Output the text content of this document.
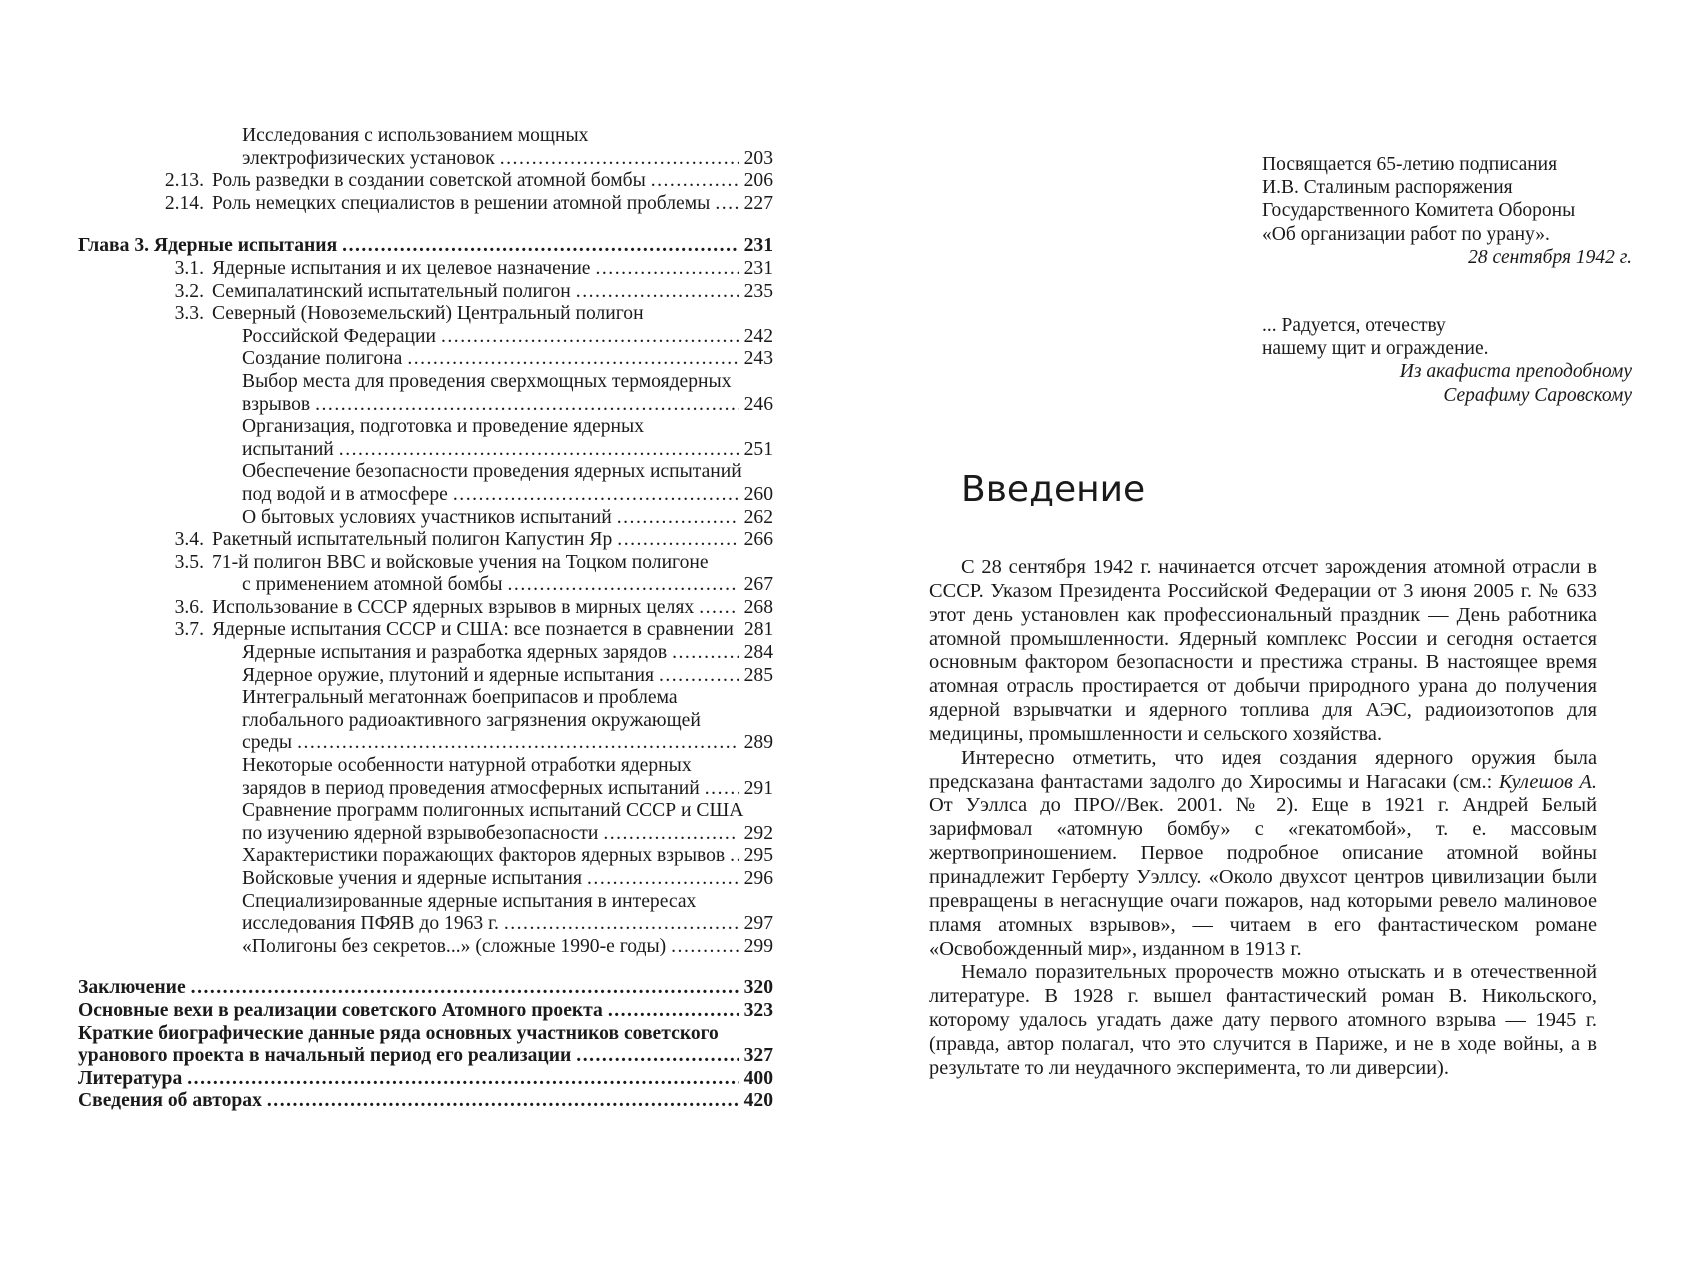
Исследования с использованием мощных
электрофизических установок .....	203
2.13. Роль разведки в создании советской атомной бомбы .....	206
2.14. Роль немецких специалистов в решении атомной проблемы ..... 227
Глава 3. Ядерные испытания .....	231
3.1. Ядерные испытания и их целевое назначение .....	231
3.2. Семипалатинский испытательный полигон .....	235
3.3. Северный (Новоземельский) Центральный полигон
Российской Федерации .....	242
Создание полигона .....	243
Выбор места для проведения сверхмощных термоядерных
взрывов .....	246
Организация, подготовка и проведение ядерных
испытаний .....	251
Обеспечение безопасности проведения ядерных испытаний
под водой и в атмосфере .....	260
О бытовых условиях участников испытаний .....	262
3.4. Ракетный испытательный полигон Капустин Яр .....	266
3.5. 71-й полигон ВВС и войсковые учения на Тоцком полигоне
с применением атомной бомбы .....	267
3.6. Использование в СССР ядерных взрывов в мирных целях .....	268
3.7. Ядерные испытания СССР и США: все познается в сравнении 281
Ядерные испытания и разработка ядерных зарядов .....	284
Ядерное оружие, плутоний и ядерные испытания .....	285
Интегральный мегатоннаж боеприпасов и проблема
глобального радиоактивного загрязнения окружающей
среды .....	289
Некоторые особенности натурной отработки ядерных
зарядов в период проведения атмосферных испытаний ..... 291
Сравнение программ полигонных испытаний СССР и США
по изучению ядерной взрывобезопасности .....	292
Характеристики поражающих факторов ядерных взрывов ..... 295
Войсковые учения и ядерные испытания .....	296
Специализированные ядерные испытания в интересах
исследования ПФЯВ до 1963 г. .....	297
«Полигоны без секретов...» (сложные 1990-е годы) .....	299
Заключение .....	320
Основные вехи в реализации советского Атомного проекта .....	323
Краткие биографические данные ряда основных участников советского
уранового проекта в начальный период его реализации .....	327
Литература .....	400
Сведения об авторах .....	420
Посвящается 65-летию подписания
И.В. Сталиным распоряжения
Государственного Комитета Обороны
«Об организации работ по урану».
28 сентября 1942 г.
... Радуется, отечеству
нашему щит и ограждение.
Из акафиста преподобному
Серафиму Саровскому
Введение

С 28 сентября 1942 г. начинается отсчет зарождения атомной отрасли в СССР. Указом Президента Российской Федерации от 3 июня 2005 г. № 633 этот день установлен как профессиональный праздник — День работника атомной промышленности. Ядерный комплекс России и сегодня остается основным фактором безопасности и престижа страны. В настоящее время атомная отрасль простирается от добычи природного урана до получения ядерной взрывчатки и ядерного топлива для АЭС, радиоизотопов для медицины, промышленности и сельского хозяйства.

Интересно отметить, что идея создания ядерного оружия была предсказана фантастами задолго до Хиросимы и Нагасаки (см.: Кулешов А. От Уэллса до ПРО//Век. 2001. № 2). Еще в 1921 г. Андрей Белый зарифмовал «атомную бомбу» с «гекатомбой», т. е. массовым жертвоприношением. Первое подробное описание атомной войны принадлежит Герберту Уэллсу. «Около двухсот центров цивилизации были превращены в негаснущие очаги пожаров, над которыми ревело малиновое пламя атомных взрывов», — читаем в его фантастическом романе «Освобожденный мир», изданном в 1913 г.

Немало поразительных пророчеств можно отыскать и в отечественной литературе. В 1928 г. вышел фантастический роман В. Никольского, которому удалось угадать даже дату первого атомного взрыва — 1945 г. (правда, автор полагал, что это случится в Париже, и не в ходе войны, а в результате то ли неудачного эксперимента, то ли диверсии).
